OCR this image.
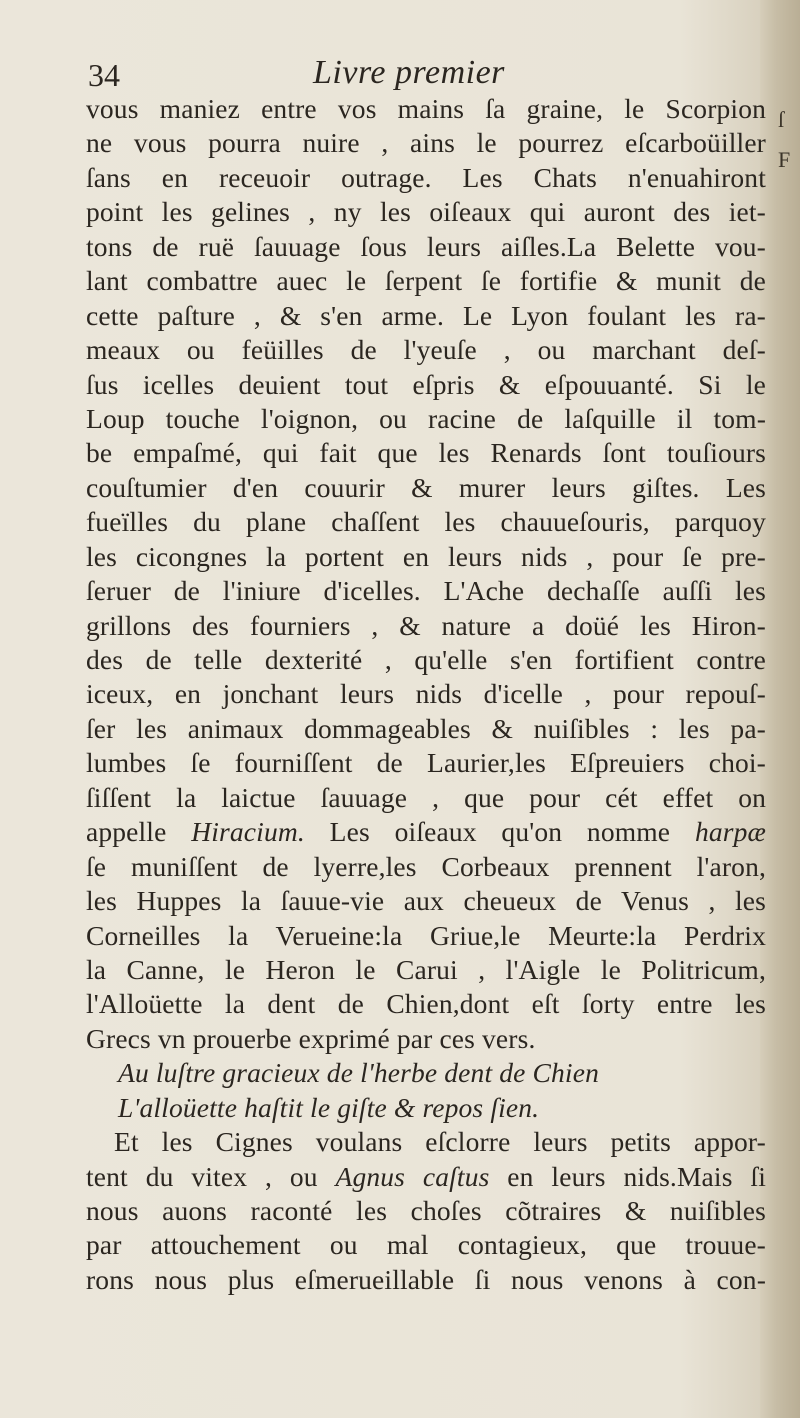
ſ
F
34	Livre premier
vous maniez entre vos mains ſa graine, le Scorpion
ne vous pourra nuire , ains le pourrez eſcarboüiller
ſans en receuoir outrage. Les Chats n'enuahiront
point les gelines , ny les oiſeaux qui auront des iet-
tons de ruë ſauuage ſous leurs aiſles.La Belette vou-
lant combattre auec le ſerpent ſe fortifie & munit de
cette paſture , & s'en arme. Le Lyon foulant les ra-
meaux ou feüilles de l'yeuſe , ou marchant deſ-
ſus icelles deuient tout eſpris & eſpouuanté. Si le
Loup touche l'oignon, ou racine de laſquille il tom-
be empaſmé, qui fait que les Renards ſont touſiours
couſtumier d'en couurir & murer leurs giſtes. Les
fueïlles du plane chaſſent les chauueſouris, parquoy
les cicongnes la portent en leurs nids , pour ſe pre-
ſeruer de l'iniure d'icelles. L'Ache dechaſſe auſſi les
grillons des fourniers , & nature a doüé les Hiron-
des de telle dexterité , qu'elle s'en fortifient contre
iceux, en jonchant leurs nids d'icelle , pour repouſ-
ſer les animaux dommageables & nuiſibles : les pa-
lumbes ſe fourniſſent de Laurier,les Eſpreuiers choi-
ſiſſent la laictue ſauuage , que pour cét effet on
appelle Hiracium. Les oiſeaux qu'on nomme harpæ
ſe muniſſent de lyerre,les Corbeaux prennent l'aron,
les Huppes la ſauue-vie aux cheueux de Venus , les
Corneilles la Verueine:la Griue,le Meurte:la Perdrix
la Canne, le Heron le Carui , l'Aigle le Politricum,
l'Alloüette la dent de Chien,dont eſt ſorty entre les
Grecs vn prouerbe exprimé par ces vers.
Au luſtre gracieux de l'herbe dent de Chien
L'alloüette haſtit le giſte & repos ſien.
Et les Cignes voulans eſclorre leurs petits appor-
tent du vitex , ou Agnus caſtus en leurs nids.Mais ſi
nous auons raconté les choſes cõtraires & nuiſibles
par attouchement ou mal contagieux, que trouue-
rons nous plus eſmerueillable ſi nous venons à con-
